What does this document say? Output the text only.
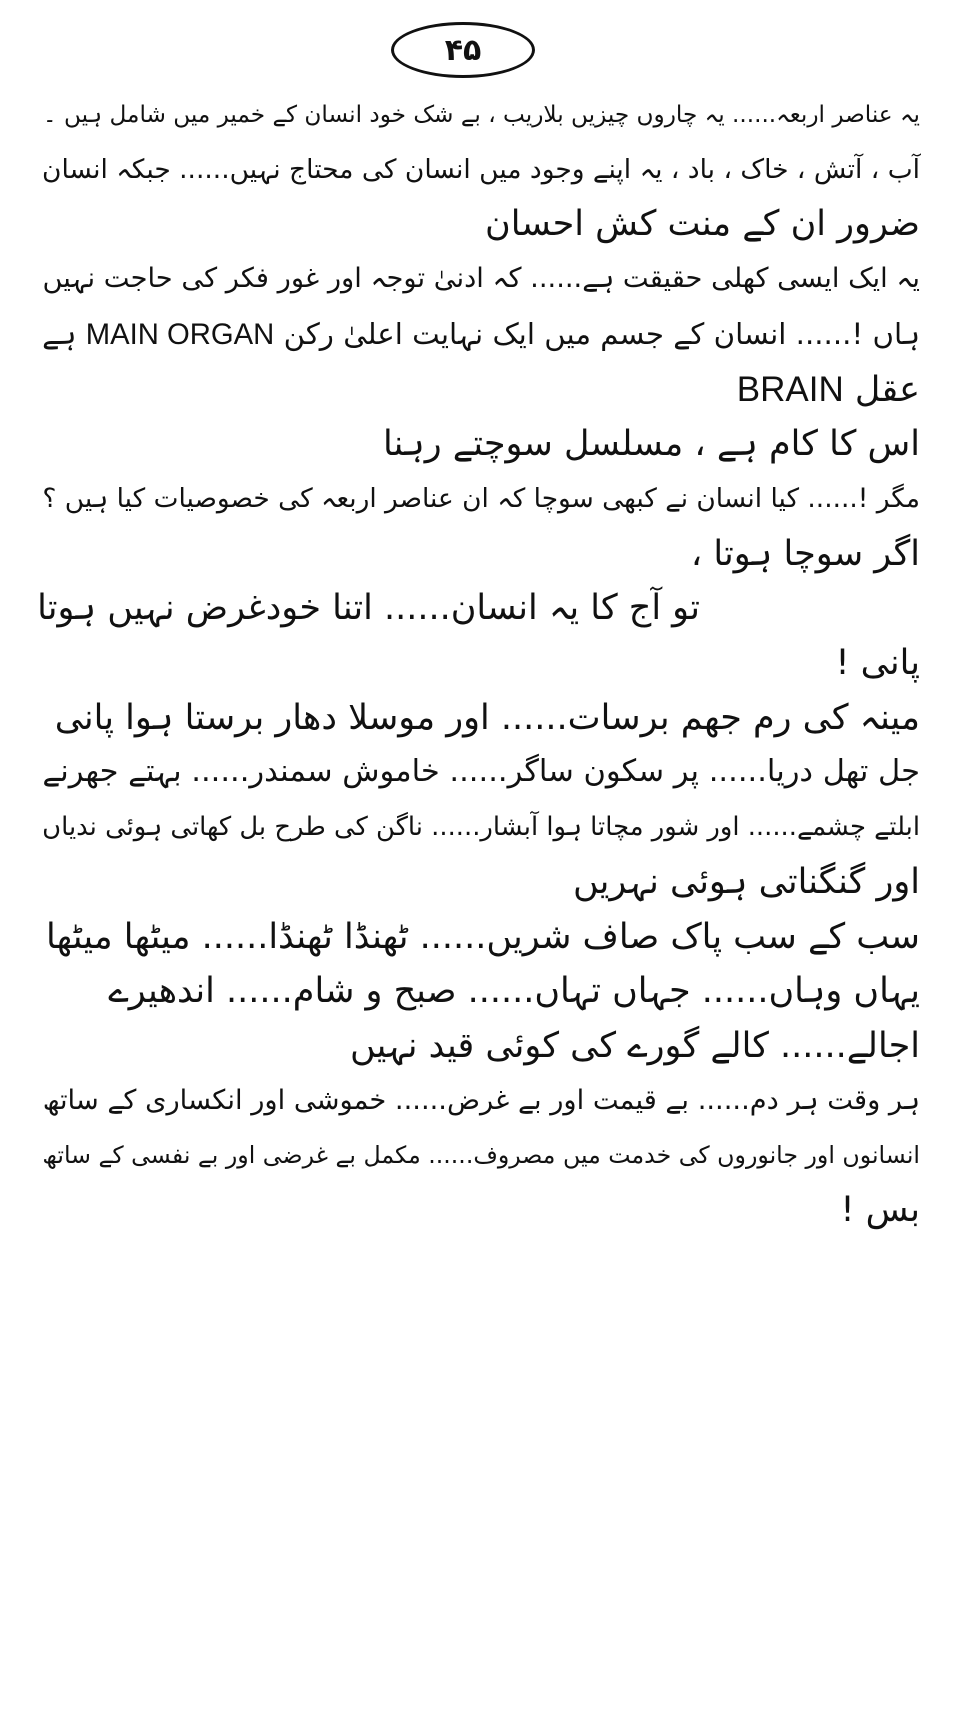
۴۵
یہ عناصر اربعہ...... یہ چاروں چیزیں بلاریب ، بے شک خود انسان کے خمیر میں شامل ہیں ۔
آب ، آتش ، خاک ، باد ، یہ اپنے وجود میں انسان کی محتاج نہیں...... جبکہ انسان
ضرور ان کے منت کش احسان
یہ ایک ایسی کھلی حقیقت ہے...... کہ ادنیٰ توجہ اور غور فکر کی حاجت نہیں
ہاں !...... انسان کے جسم میں ایک نہایت اعلیٰ رکن MAIN ORGAN ہے
عقل BRAIN
اس کا کام ہے ، مسلسل سوچتے رہنا
مگر !...... کیا انسان نے کبھی سوچا کہ ان عناصر اربعہ کی خصوصیات کیا ہیں ؟
اگر سوچا ہوتا ،
تو آج کا یہ انسان...... اتنا خودغرض نہیں ہوتا
پانی !
مینہ کی رم جھم برسات...... اور موسلا دھار برستا ہوا پانی
جل تھل دریا...... پر سکون ساگر...... خاموش سمندر...... بہتے جھرنے
ابلتے چشمے...... اور شور مچاتا ہوا آبشار...... ناگن کی طرح بل کھاتی ہوئی ندیاں
اور گنگناتی ہوئی نہریں
سب کے سب پاک صاف شریں...... ٹھنڈا ٹھنڈا...... میٹھا میٹھا
یہاں وہاں...... جہاں تہاں...... صبح و شام...... اندھیرے
اجالے...... کالے گورے کی کوئی قید نہیں
ہر وقت ہر دم...... بے قیمت اور بے غرض...... خموشی اور انکساری کے ساتھ
انسانوں اور جانوروں کی خدمت میں مصروف...... مکمل بے غرضی اور بے نفسی کے ساتھ
بس !
